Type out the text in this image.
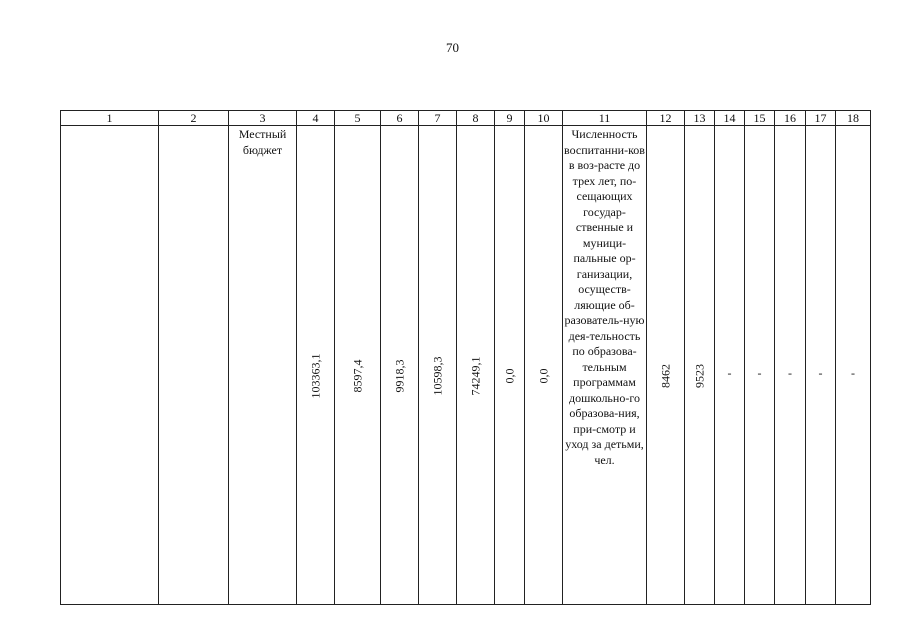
70
1	2	3	4	5	6	7	8	9	10	11	12	13	14	15	16	17	18
		Местный бюджет	103363,1	8597,4	9918,3	10598,3	74249,1	0,0	0,0	Численность воспитанни-ков в воз-расте до трех лет, по-сещающих государ-ственные и муници-пальные ор-ганизации, осуществ-ляющие об-разователь-ную дея-тельность по образова-тельным программам дошкольно-го образова-ния, при-смотр и уход за детьми, чел.	8462	9523	-	-	-	-	-
